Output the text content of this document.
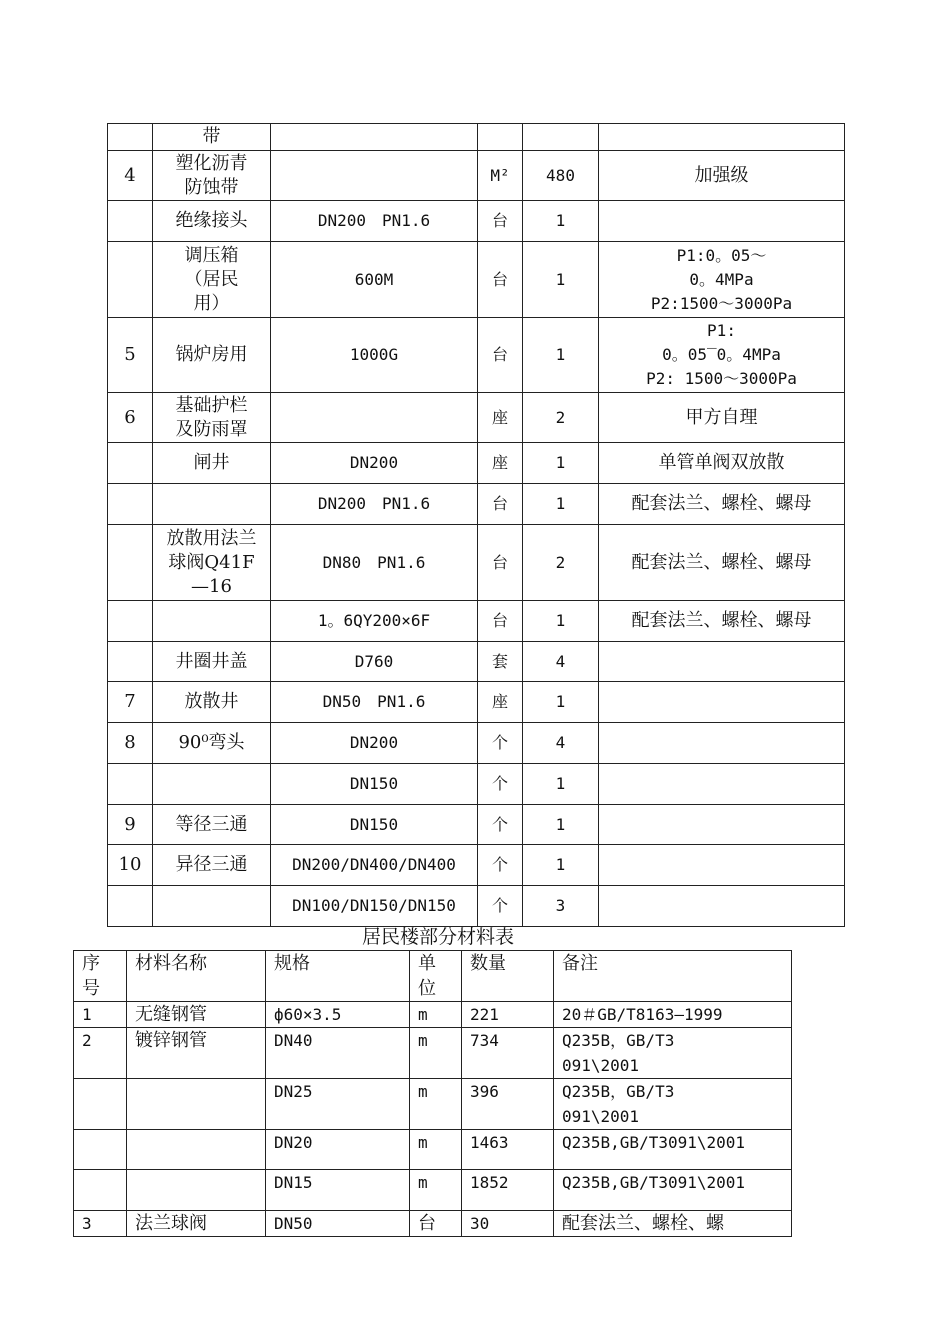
	带				
4	塑化沥青防蚀带		M²	480	加强级
	绝缘接头	DN200　PN1.6	台	1	
	调压箱（居民用）	600M	台	1	P1:0。05～
0。4MPa
P2:1500～3000Pa

5	锅炉房用	1000G	台	1	P1:
0。05‾0。4MPa
P2: 1500～3000Pa

6	基础护栏及防雨罩		座	2	甲方自理
	闸井	DN200	座	1	单管单阀双放散
		DN200　PN1.6	台	1	配套法兰、螺栓、螺母
	放散用法兰球阀Q41F—16	DN80　PN1.6	台	2	配套法兰、螺栓、螺母
		1。6QY200×6F	台	1	配套法兰、螺栓、螺母
	井圈井盖	D760	套	4	
7	放散井	DN50　PN1.6	座	1	
8	90⁰弯头	DN200	个	4	
		DN150	个	1	
9	等径三通	DN150	个	1	
10	异径三通	DN200/DN400/DN400	个	1	
		DN100/DN150/DN150	个	3	
居民楼部分材料表
序号	材料名称	规格	单位	数量	备注
1	无缝钢管	ф60×3.5	m	221	20＃GB/T8163—1999
2	镀锌钢管	DN40	m	734	Q235B，GB/T3091\2001
		DN25	m	396	Q235B，GB/T3091\2001
		DN20	m	1463	Q235B,GB/T3091\2001
		DN15	m	1852	Q235B,GB/T3091\2001
3	法兰球阀	DN50	台	30	配套法兰、螺栓、螺
